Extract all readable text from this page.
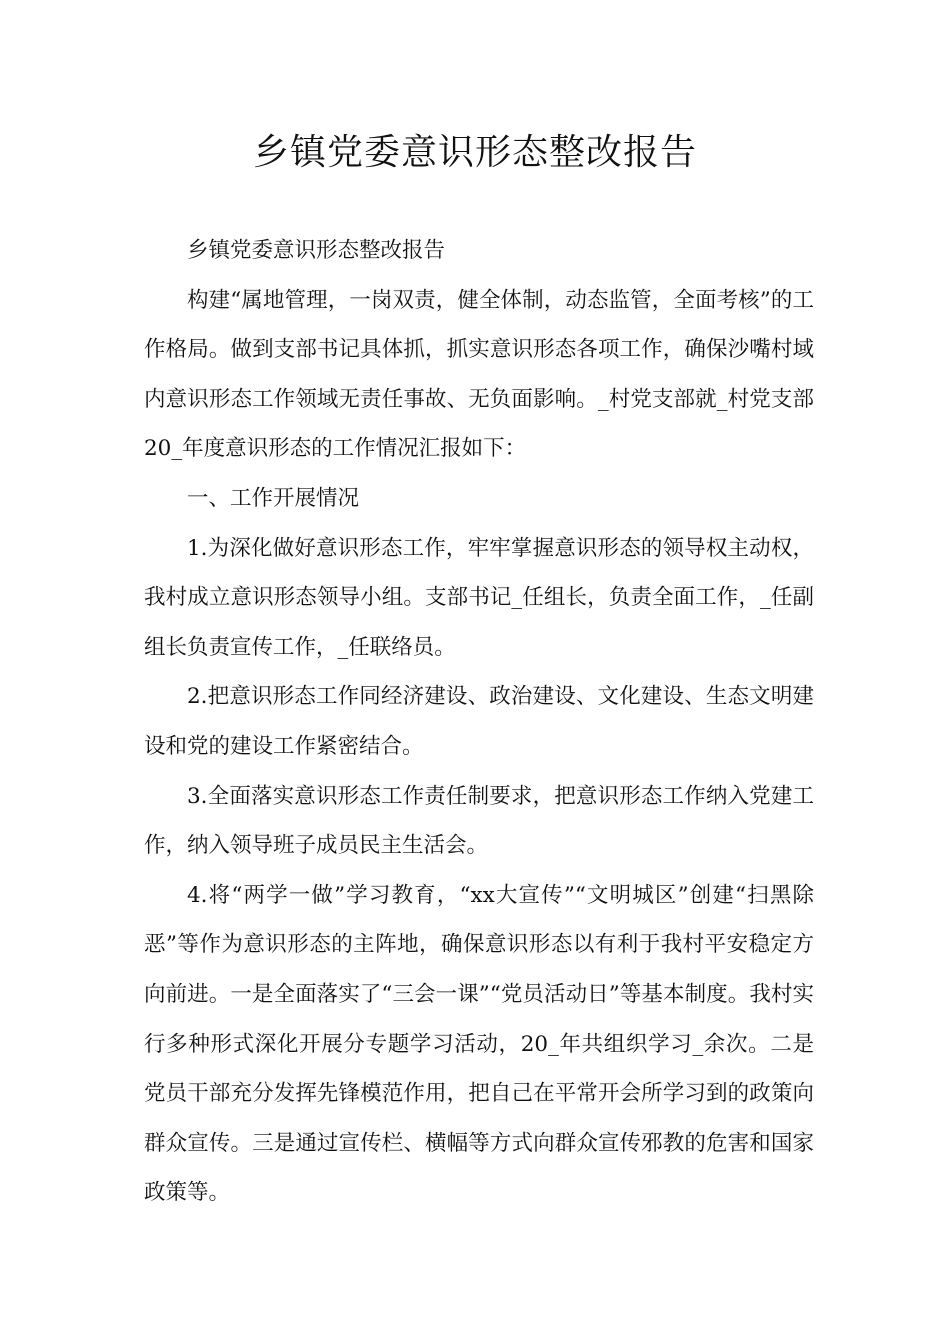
乡镇党委意识形态整改报告

乡镇党委意识形态整改报告

构建“属地管理，一岗双责，健全体制，动态监管，全面考核”的工作格局。做到支部书记具体抓，抓实意识形态各项工作，确保沙嘴村域内意识形态工作领域无责任事故、无负面影响。_村党支部就_村党支部20_年度意识形态的工作情况汇报如下：

一、工作开展情况

1.为深化做好意识形态工作，牢牢掌握意识形态的领导权主动权，我村成立意识形态领导小组。支部书记_任组长，负责全面工作，_任副组长负责宣传工作，_任联络员。

2.把意识形态工作同经济建设、政治建设、文化建设、生态文明建设和党的建设工作紧密结合。

3.全面落实意识形态工作责任制要求，把意识形态工作纳入党建工作，纳入领导班子成员民主生活会。

4.将“两学一做”学习教育，“xx大宣传”“文明城区”创建“扫黑除恶”等作为意识形态的主阵地，确保意识形态以有利于我村平安稳定方向前进。一是全面落实了“三会一课”“党员活动日”等基本制度。我村实行多种形式深化开展分专题学习活动，20_年共组织学习_余次。二是党员干部充分发挥先锋模范作用，把自己在平常开会所学习到的政策向群众宣传。三是通过宣传栏、横幅等方式向群众宣传邪教的危害和国家政策等。
